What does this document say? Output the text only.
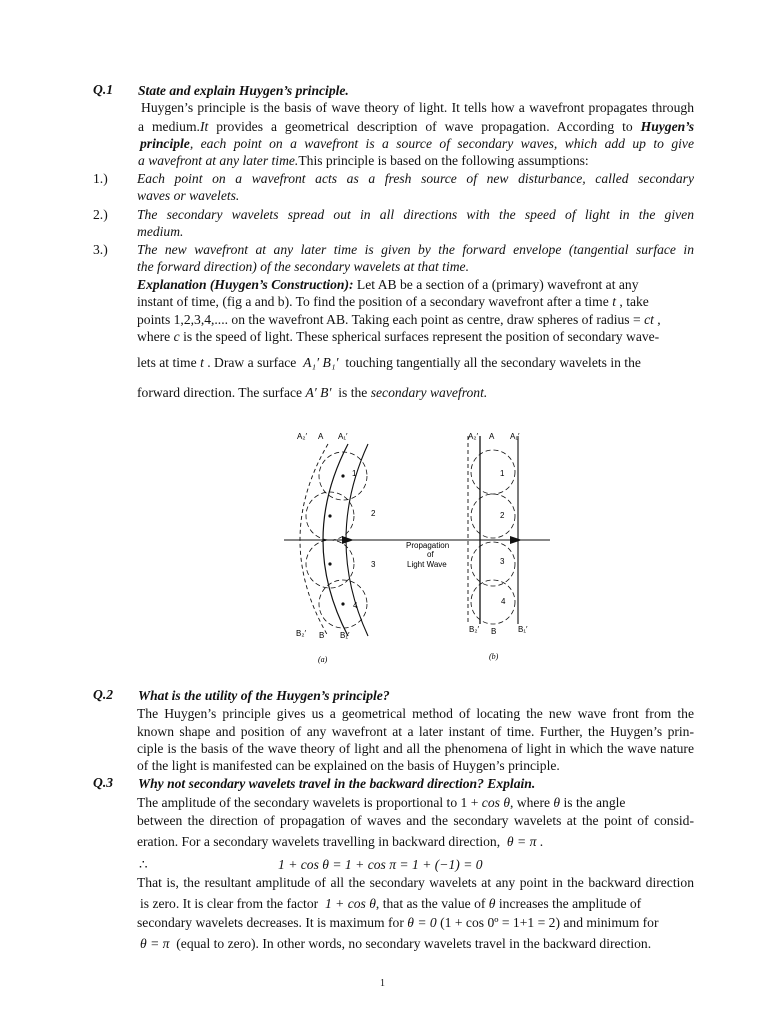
Q.1 State and explain Huygen’s principle.
Huygen’s principle is the basis of wave theory of light. It tells how a wavefront propagates through
a medium.It provides a geometrical description of wave propagation. According to Huygen’s
principle, each point on a wavefront is a source of secondary waves, which add up to give
a wavefront at any later time.This principle is based on the following assumptions:
1.) Each point on a wavefront acts as a fresh source of new disturbance, called secondary
waves or wavelets.
2.) The secondary wavelets spread out in all directions with the speed of light in the given
medium.
3.) The new wavefront at any later time is given by the forward envelope (tangential surface in
the forward direction) of the secondary wavelets at that time.
Explanation (Huygen’s Construction): Let AB be a section of a (primary) wavefront at any
instant of time, (fig a and b). To find the position of a secondary wavefront after a time t , take
points 1,2,3,4,.... on the wavefront AB. Taking each point as centre, draw spheres of radius = ct ,
where c is the speed of light. These spherical surfaces represent the position of secondary wave-
lets at time t . Draw a surface A₁′ B₁′ touching tangentially all the secondary wavelets in the
forward direction. The surface A′ B′ is the secondary wavefront.
1
2
3
4
A₂′ A A₁′
B₂′ B B₁′
Propagation
of
Light Wave
1
2
3
4
A₂′ A A₁′
B₂′ B	B₁′
(a)	(b)
Q.2 What is the utility of the Huygen’s principle?
The Huygen’s principle gives us a geometrical method of locating the new wave front from the
known shape and position of any wavefront at a later instant of time. Further, the Huygen’s prin-
ciple is the basis of the wave theory of light and all the phenomena of light in which the wave nature
of the light is manifested can be explained on the basis of Huygen’s principle.
Q.3 Why not secondary wavelets travel in the backward direction? Explain.
The amplitude of the secondary wavelets is proportional to 1 + cos θ, where θ is the angle
between the direction of propagation of waves and the secondary wavelets at the point of consid-
eration. For a secondary wavelets travelling in backward direction, θ = π .
∴	1 + cos θ = 1 + cos π = 1 + (−1) = 0
That is, the resultant amplitude of all the secondary wavelets at any point in the backward direction
is zero. It is clear from the factor 1 + cos θ, that as the value of θ increases the amplitude of
secondary wavelets decreases. It is maximum for θ = 0 (1 + cos 0º = 1+1 = 2) and minimum for
θ = π (equal to zero). In other words, no secondary wavelets travel in the backward direction.
1
